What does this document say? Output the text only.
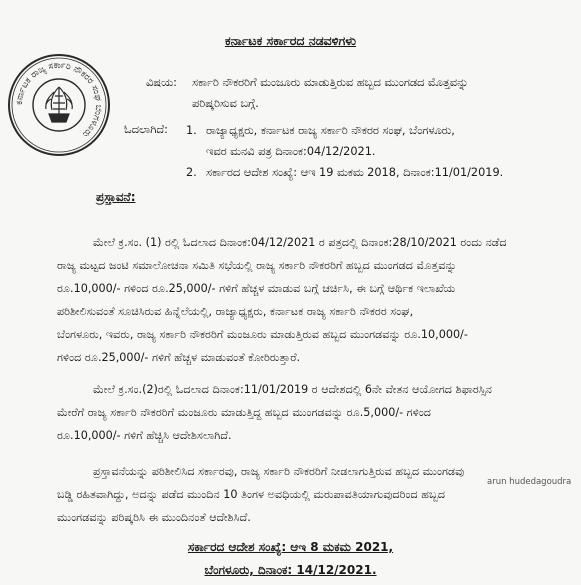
ಕರ್ನಾಟಕ ಸರ್ಕಾರದ ನಡವಳಿಗಳು
ಕರ್ನಾಟಕ ರಾಜ್ಯ ಸರ್ಕಾರಿ ನೌಕರರ ಸಂಘ ಬೆಂಗಳೂರು
ವಿಷಯ: ಸರ್ಕಾರಿ ನೌಕರರಿಗೆ ಮಂಜೂರು ಮಾಡುತ್ತಿರುವ ಹಬ್ಬದ ಮುಂಗಡದ ಮೊತ್ತವನ್ನು
ಪರಿಷ್ಕರಿಸುವ ಬಗ್ಗೆ.
ಓದಲಾಗಿದೆ: 1. ರಾಜ್ಯಾಧ್ಯಕ್ಷರು, ಕರ್ನಾಟಕ ರಾಜ್ಯ ಸರ್ಕಾರಿ ನೌಕರರ ಸಂಘ, ಬೆಂಗಳೂರು,
ಇವರ ಮನವಿ ಪತ್ರ ದಿನಾಂಕ:04/12/2021.
2. ಸರ್ಕಾರದ ಆದೇಶ ಸಂಖ್ಯೆ: ಆಇ 19 ಮಕಮ 2018, ದಿನಾಂಕ:11/01/2019.
ಪ್ರಸ್ತಾವನೆ:
ಮೇಲೆ ಕ್ರ.ಸಂ. (1) ರಲ್ಲಿ ಓದಲಾದ ದಿನಾಂಕ:04/12/2021 ರ ಪತ್ರದಲ್ಲಿ ದಿನಾಂಕ:28/10/2021 ರಂದು ನಡೆದ
ರಾಜ್ಯ ಮಟ್ಟದ ಜಂಟಿ ಸಮಾಲೋಚನಾ ಸಮಿತಿ ಸಭೆಯಲ್ಲಿ ರಾಜ್ಯ ಸರ್ಕಾರಿ ನೌಕರರಿಗೆ ಹಬ್ಬದ ಮುಂಗಡದ ಮೊತ್ತವನ್ನು
ರೂ.10,000/- ಗಳಿಂದ ರೂ.25,000/- ಗಳಿಗೆ ಹೆಚ್ಚಳ ಮಾಡುವ ಬಗ್ಗೆ ಚರ್ಚಿಸಿ, ಈ ಬಗ್ಗೆ ಆರ್ಥಿಕ ಇಲಾಖೆಯ
ಪರಿಶೀಲಿಸುವಂತೆ ಸೂಚಿಸಿರುವ ಹಿನ್ನೆಲೆಯಲ್ಲಿ, ರಾಜ್ಯಾಧ್ಯಕ್ಷರು, ಕರ್ನಾಟಕ ರಾಜ್ಯ ಸರ್ಕಾರಿ ನೌಕರರ ಸಂಘ,
ಬೆಂಗಳೂರು, ಇವರು, ರಾಜ್ಯ ಸರ್ಕಾರಿ ನೌಕರರಿಗೆ ಮಂಜೂರು ಮಾಡುತ್ತಿರುವ ಹಬ್ಬದ ಮುಂಗಡವನ್ನು ರೂ.10,000/-
ಗಳಿಂದ ರೂ.25,000/- ಗಳಿಗೆ ಹೆಚ್ಚಳ ಮಾಡುವಂತೆ ಕೋರಿರುತ್ತಾರೆ.
ಮೇಲೆ ಕ್ರ.ಸಂ.(2)ರಲ್ಲಿ ಓದಲಾದ ದಿನಾಂಕ:11/01/2019 ರ ಆದೇಶದಲ್ಲಿ 6ನೇ ವೇತನ ಆಯೋಗದ ಶಿಫಾರಸ್ಸಿನ
ಮೇರೆಗೆ ರಾಜ್ಯ ಸರ್ಕಾರಿ ನೌಕರರಿಗೆ ಮಂಜೂರು ಮಾಡುತ್ತಿದ್ದ ಹಬ್ಬದ ಮುಂಗಡವನ್ನು ರೂ.5,000/- ಗಳಿಂದ
ರೂ.10,000/- ಗಳಿಗೆ ಹೆಚ್ಚಿಸಿ ಆದೇಶಿಸಲಾಗಿದೆ.
ಪ್ರಸ್ತಾವನೆಯನ್ನು ಪರಿಶೀಲಿಸಿದ ಸರ್ಕಾರವು, ರಾಜ್ಯ ಸರ್ಕಾರಿ ನೌಕರರಿಗೆ ನೀಡಲಾಗುತ್ತಿರುವ ಹಬ್ಬದ ಮುಂಗಡವು
ಬಡ್ಡಿ ರಹಿತವಾಗಿದ್ದು, ಅದನ್ನು ಪಡೆದ ಮುಂದಿನ 10 ತಿಂಗಳ ಅವಧಿಯಲ್ಲಿ ಮರುಪಾವತಿಯಾಗುವುದರಿಂದ ಹಬ್ಬದ
ಮುಂಗಡವನ್ನು ಪರಿಷ್ಕರಿಸಿ ಈ ಮುಂದಿನಂತೆ ಆದೇಶಿಸಿದೆ.
arun hudedagoudra
ಸರ್ಕಾರದ ಆದೇಶ ಸಂಖ್ಯೆ: ಆಇ 8 ಮಕಮ 2021,
ಬೆಂಗಳೂರು, ದಿನಾಂಕ: 14/12/2021.
